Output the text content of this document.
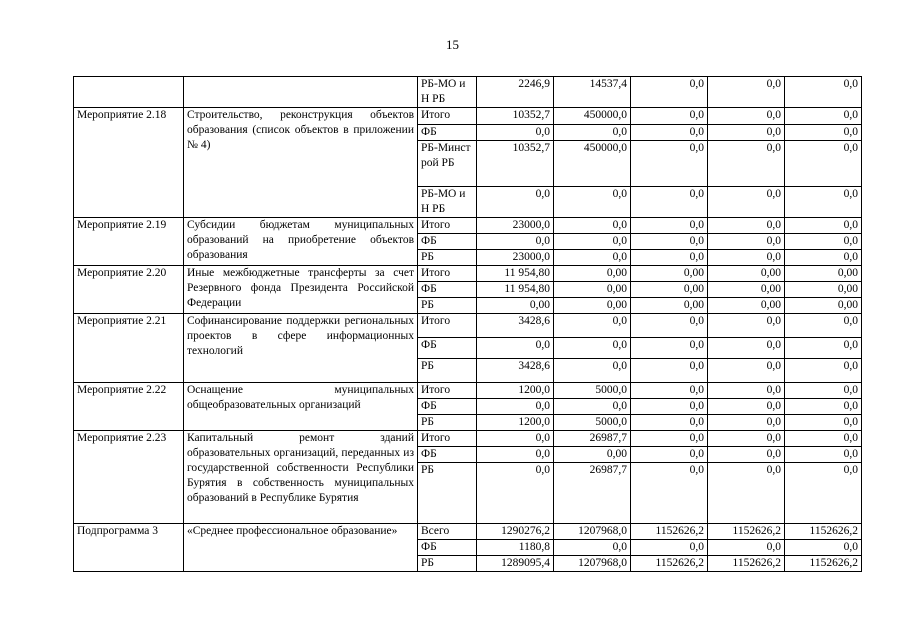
15
		РБ-МО и Н РБ	2246,9	14537,4	0,0	0,0	0,0
Мероприятие 2.18	Строительство, реконструкция объектов образования (список объектов в приложении № 4)	Итого	10352,7	450000,0	0,0	0,0	0,0
		ФБ	0,0	0,0	0,0	0,0	0,0
		РБ-Минстрой РБ	10352,7	450000,0	0,0	0,0	0,0
		РБ-МО и Н РБ	0,0	0,0	0,0	0,0	0,0
Мероприятие 2.19	Субсидии бюджетам муниципальных образований на приобретение объектов образования	Итого	23000,0	0,0	0,0	0,0	0,0
		ФБ	0,0	0,0	0,0	0,0	0,0
		РБ	23000,0	0,0	0,0	0,0	0,0
Мероприятие 2.20	Иные межбюджетные трансферты за счет Резервного фонда Президента Российской Федерации	Итого	11 954,80	0,00	0,00	0,00	0,00
		ФБ	11 954,80	0,00	0,00	0,00	0,00
		РБ	0,00	0,00	0,00	0,00	0,00
Мероприятие 2.21	Софинансирование поддержки региональных проектов в сфере информационных технологий	Итого	3428,6	0,0	0,0	0,0	0,0
		ФБ	0,0	0,0	0,0	0,0	0,0
		РБ	3428,6	0,0	0,0	0,0	0,0
Мероприятие 2.22	Оснащение муниципальных общеобразовательных организаций	Итого	1200,0	5000,0	0,0	0,0	0,0
		ФБ	0,0	0,0	0,0	0,0	0,0
		РБ	1200,0	5000,0	0,0	0,0	0,0
Мероприятие 2.23	Капитальный ремонт зданий образовательных организаций, переданных из государственной собственности Республики Бурятия в собственность муниципальных образований в Республике Бурятия	Итого	0,0	26987,7	0,0	0,0	0,0
		ФБ	0,0	0,00	0,0	0,0	0,0
		РБ	0,0	26987,7	0,0	0,0	0,0
Подпрограмма 3	«Среднее профессиональное образование»	Всего	1290276,2	1207968,0	1152626,2	1152626,2	1152626,2
		ФБ	1180,8	0,0	0,0	0,0	0,0
		РБ	1289095,4	1207968,0	1152626,2	1152626,2	1152626,2
